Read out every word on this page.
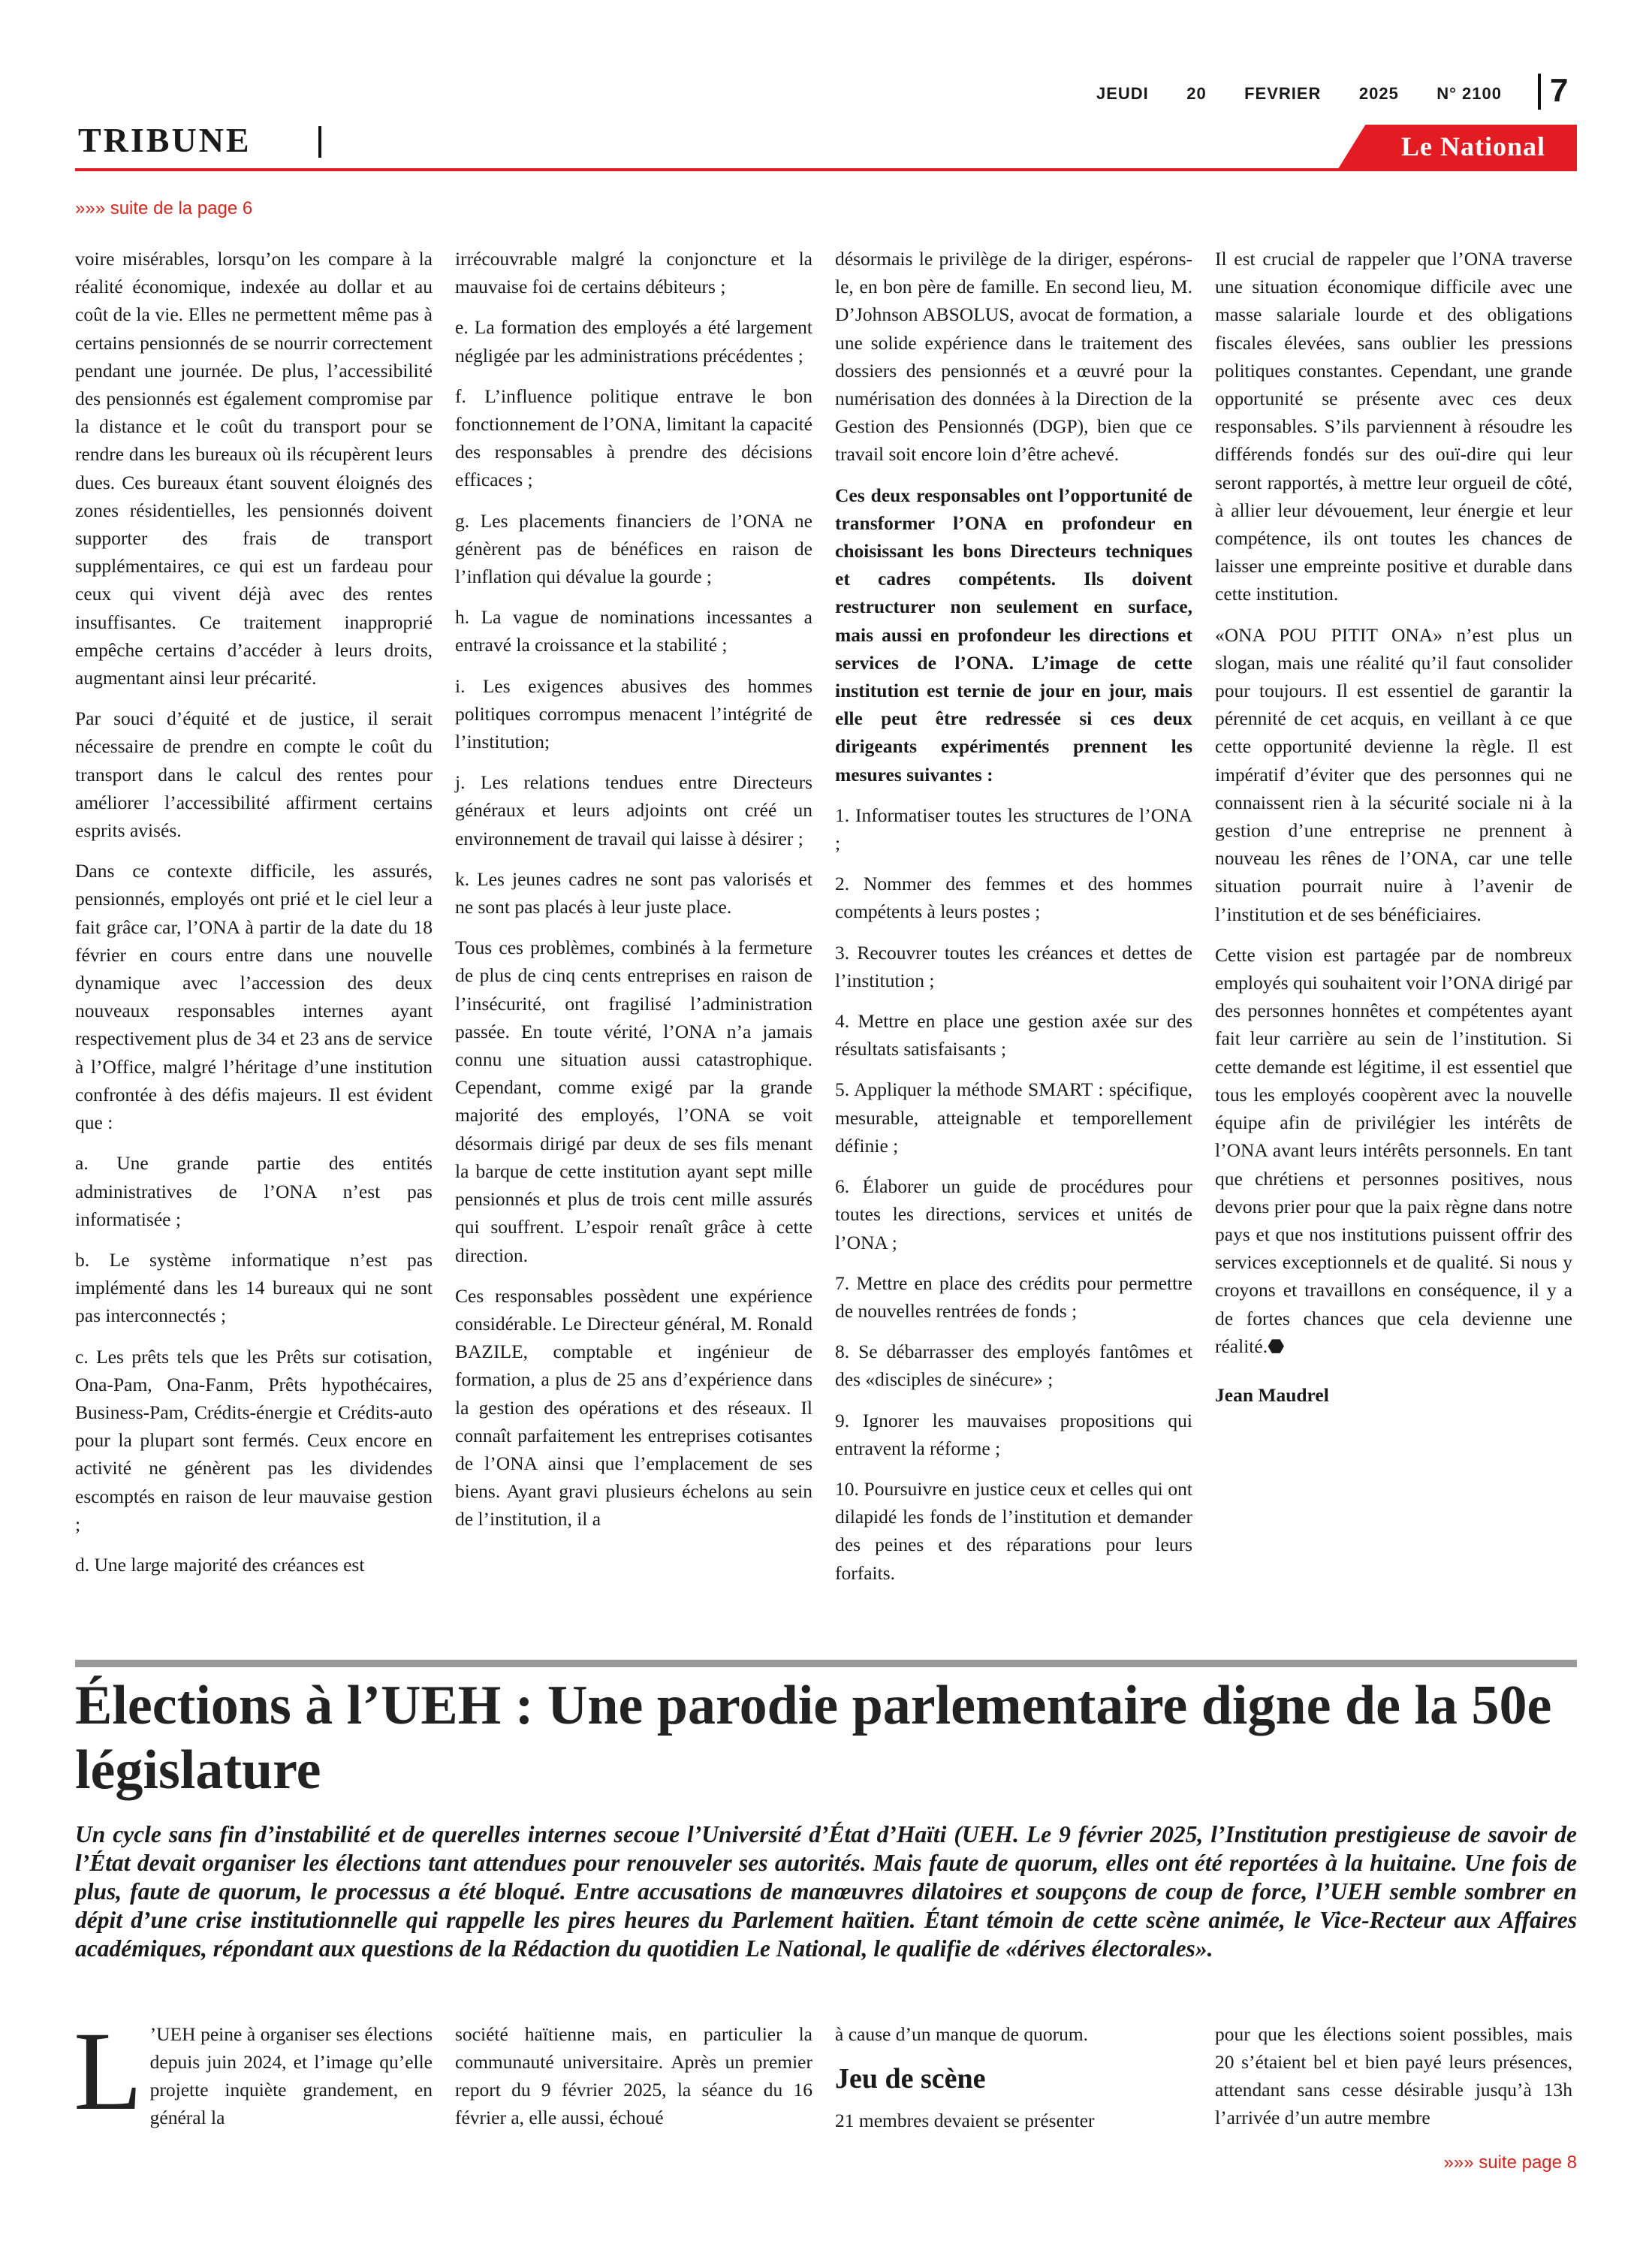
JEUDI 20 FEVRIER 2025 N° 2100 7
TRIBUNE	Le National
»»» suite de la page 6

voire misérables, lorsqu’on les compare à la réalité économique, indexée au dollar et au coût de la vie. Elles ne permettent même pas à certains pensionnés de se nourrir correctement pendant une journée. De plus, l’accessibilité des pensionnés est également compromise par la distance et le coût du transport pour se rendre dans les bureaux où ils récupèrent leurs dues. Ces bureaux étant souvent éloignés des zones résidentielles, les pensionnés doivent supporter des frais de transport supplémentaires, ce qui est un fardeau pour ceux qui vivent déjà avec des rentes insuffisantes. Ce traitement inapproprié empêche certains d’accéder à leurs droits, augmentant ainsi leur précarité.

Par souci d’équité et de justice, il serait nécessaire de prendre en compte le coût du transport dans le calcul des rentes pour améliorer l’accessibilité affirment certains esprits avisés.

Dans ce contexte difficile, les assurés, pensionnés, employés ont prié et le ciel leur a fait grâce car, l’ONA à partir de la date du 18 février en cours entre dans une nouvelle dynamique avec l’accession des deux nouveaux responsables internes ayant respectivement plus de 34 et 23 ans de service à l’Office, malgré l’héritage d’une institution confrontée à des défis majeurs. Il est évident que :

a. Une grande partie des entités administratives de l’ONA n’est pas informatisée ;

b. Le système informatique n’est pas implémenté dans les 14 bureaux qui ne sont pas interconnectés ;

c. Les prêts tels que les Prêts sur cotisation, Ona-Pam, Ona-Fanm, Prêts hypothécaires, Business-Pam, Crédits-énergie et Crédits-auto pour la plupart sont fermés. Ceux encore en activité ne génèrent pas les dividendes escomptés en raison de leur mauvaise gestion ;

d. Une large majorité des créances est

irrécouvrable malgré la conjoncture et la mauvaise foi de certains débiteurs ;

e. La formation des employés a été largement négligée par les administrations précédentes ;

f. L’influence politique entrave le bon fonctionnement de l’ONA, limitant la capacité des responsables à prendre des décisions efficaces ;

g. Les placements financiers de l’ONA ne génèrent pas de bénéfices en raison de l’inflation qui dévalue la gourde ;

h. La vague de nominations incessantes a entravé la croissance et la stabilité ;

i. Les exigences abusives des hommes politiques corrompus menacent l’intégrité de l’institution;

j. Les relations tendues entre Directeurs généraux et leurs adjoints ont créé un environnement de travail qui laisse à désirer ;

k. Les jeunes cadres ne sont pas valorisés et ne sont pas placés à leur juste place.

Tous ces problèmes, combinés à la fermeture de plus de cinq cents entreprises en raison de l’insécurité, ont fragilisé l’administration passée. En toute vérité, l’ONA n’a jamais connu une situation aussi catastrophique. Cependant, comme exigé par la grande majorité des employés, l’ONA se voit désormais dirigé par deux de ses fils menant la barque de cette institution ayant sept mille pensionnés et plus de trois cent mille assurés qui souffrent. L’espoir renaît grâce à cette direction.

Ces responsables possèdent une expérience considérable. Le Directeur général, M. Ronald BAZILE, comptable et ingénieur de formation, a plus de 25 ans d’expérience dans la gestion des opérations et des réseaux. Il connaît parfaitement les entreprises cotisantes de l’ONA ainsi que l’emplacement de ses biens. Ayant gravi plusieurs échelons au sein de l’institution, il a

désormais le privilège de la diriger, espérons-le, en bon père de famille. En second lieu, M. D’Johnson ABSOLUS, avocat de formation, a une solide expérience dans le traitement des dossiers des pensionnés et a œuvré pour la numérisation des données à la Direction de la Gestion des Pensionnés (DGP), bien que ce travail soit encore loin d’être achevé.

Ces deux responsables ont l’opportunité de transformer l’ONA en profondeur en choisissant les bons Directeurs techniques et cadres compétents. Ils doivent restructurer non seulement en surface, mais aussi en profondeur les directions et services de l’ONA. L’image de cette institution est ternie de jour en jour, mais elle peut être redressée si ces deux dirigeants expérimentés prennent les mesures suivantes :

1. Informatiser toutes les structures de l’ONA ;

2. Nommer des femmes et des hommes compétents à leurs postes ;

3. Recouvrer toutes les créances et dettes de l’institution ;

4. Mettre en place une gestion axée sur des résultats satisfaisants ;

5. Appliquer la méthode SMART : spécifique, mesurable, atteignable et temporellement définie ;

6. Élaborer un guide de procédures pour toutes les directions, services et unités de l’ONA ;

7. Mettre en place des crédits pour permettre de nouvelles rentrées de fonds ;

8. Se débarrasser des employés fantômes et des «disciples de sinécure» ;

9. Ignorer les mauvaises propositions qui entravent la réforme ;

10. Poursuivre en justice ceux et celles qui ont dilapidé les fonds de l’institution et demander des peines et des réparations pour leurs forfaits.

Il est crucial de rappeler que l’ONA traverse une situation économique difficile avec une masse salariale lourde et des obligations fiscales élevées, sans oublier les pressions politiques constantes. Cependant, une grande opportunité se présente avec ces deux responsables. S’ils parviennent à résoudre les différends fondés sur des ouï-dire qui leur seront rapportés, à mettre leur orgueil de côté, à allier leur dévouement, leur énergie et leur compétence, ils ont toutes les chances de laisser une empreinte positive et durable dans cette institution.

«ONA POU PITIT ONA» n’est plus un slogan, mais une réalité qu’il faut consolider pour toujours. Il est essentiel de garantir la pérennité de cet acquis, en veillant à ce que cette opportunité devienne la règle. Il est impératif d’éviter que des personnes qui ne connaissent rien à la sécurité sociale ni à la gestion d’une entreprise ne prennent à nouveau les rênes de l’ONA, car une telle situation pourrait nuire à l’avenir de l’institution et de ses bénéficiaires.

Cette vision est partagée par de nombreux employés qui souhaitent voir l’ONA dirigé par des personnes honnêtes et compétentes ayant fait leur carrière au sein de l’institution. Si cette demande est légitime, il est essentiel que tous les employés coopèrent avec la nouvelle équipe afin de privilégier les intérêts de l’ONA avant leurs intérêts personnels. En tant que chrétiens et personnes positives, nous devons prier pour que la paix règne dans notre pays et que nos institutions puissent offrir des services exceptionnels et de qualité. Si nous y croyons et travaillons en conséquence, il y a de fortes chances que cela devienne une réalité.⬣

Jean Maudrel

Élections à l’UEH : Une parodie parlementaire digne de la 50e législature

Un cycle sans fin d’instabilité et de querelles internes secoue l’Université d’État d’Haïti (UEH. Le 9 février 2025, l’Institution prestigieuse de savoir de l’État devait organiser les élections tant attendues pour renouveler ses autorités. Mais faute de quorum, elles ont été reportées à la huitaine. Une fois de plus, faute de quorum, le processus a été bloqué. Entre accusations de manœuvres dilatoires et soupçons de coup de force, l’UEH semble sombrer en dépit d’une crise institutionnelle qui rappelle les pires heures du Parlement haïtien. Étant témoin de cette scène animée, le Vice-Recteur aux Affaires académiques, répondant aux questions de la Rédaction du quotidien Le National, le qualifie de «dérives électorales».

L ’UEH peine à organiser ses élections depuis juin 2024, et l’image qu’elle projette inquiète grandement, en général la

société haïtienne mais, en particulier la communauté universitaire. Après un premier report du 9 février 2025, la séance du 16 février a, elle aussi, échoué

à cause d’un manque de quorum.

Jeu de scène

21 membres devaient se présenter

pour que les élections soient possibles, mais 20 s’étaient bel et bien payé leurs présences, attendant sans cesse désirable jusqu’à 13h l’arrivée d’un autre membre

»»» suite page 8
